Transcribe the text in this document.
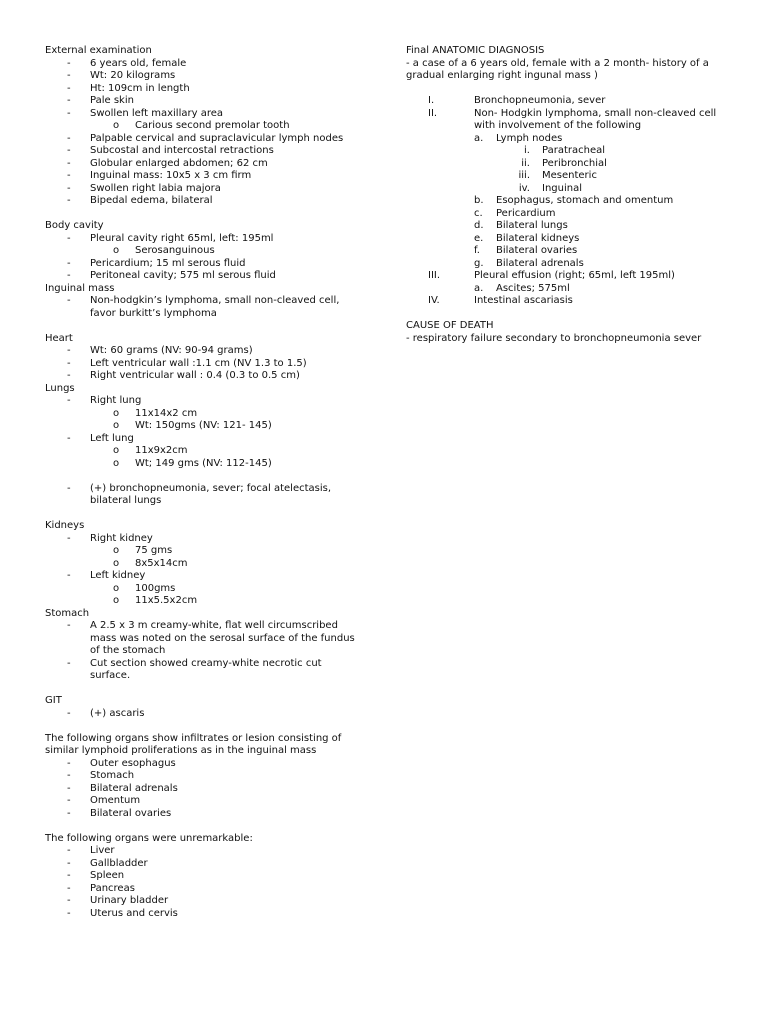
External examination
- 6 years old, female
- Wt: 20 kilograms
- Ht: 109cm in length
- Pale skin
- Swollen left maxillary area
o Carious second premolar tooth
- Palpable cervical and supraclavicular lymph nodes
- Subcostal and intercostal retractions
- Globular enlarged abdomen; 62 cm
- Inguinal mass: 10x5 x 3 cm firm
- Swollen right labia majora
- Bipedal edema, bilateral
Body cavity
- Pleural cavity right 65ml, left: 195ml
o Serosanguinous
- Pericardium; 15 ml serous fluid
- Peritoneal cavity; 575 ml serous fluid
Inguinal mass
- Non-hodgkin’s lymphoma, small non-cleaved cell,
favor burkitt’s lymphoma
Heart
- Wt: 60 grams (NV: 90-94 grams)
- Left ventricular wall :1.1 cm (NV 1.3 to 1.5)
- Right ventricular wall : 0.4 (0.3 to 0.5 cm)
Lungs
- Right lung
o 11x14x2 cm
o Wt: 150gms (NV: 121- 145)
- Left lung
o 11x9x2cm
o Wt; 149 gms (NV: 112-145)
- (+) bronchopneumonia, sever; focal atelectasis,
bilateral lungs
Kidneys
- Right kidney
o 75 gms
o 8x5x14cm
- Left kidney
o 100gms
o 11x5.5x2cm
Stomach
- A 2.5 x 3 m creamy-white, flat well circumscribed
mass was noted on the serosal surface of the fundus
of the stomach
- Cut section showed creamy-white necrotic cut
surface.
GIT
- (+) ascaris
The following organs show infiltrates or lesion consisting of
similar lymphoid proliferations as in the inguinal mass
- Outer esophagus
- Stomach
- Bilateral adrenals
- Omentum
- Bilateral ovaries
The following organs were unremarkable:
- Liver
- Gallbladder
- Spleen
- Pancreas
- Urinary bladder
- Uterus and cervis
Final ANATOMIC DIAGNOSIS
- a case of a 6 years old, female with a 2 month- history of a
gradual enlarging right ingunal mass )
I.	Bronchopneumonia, sever
II.	Non- Hodgkin lymphoma, small non-cleaved cell
with involvement of the following
a. Lymph nodes
i. Paratracheal
ii. Peribronchial
iii. Mesenteric
iv. Inguinal
b. Esophagus, stomach and omentum
c. Pericardium
d. Bilateral lungs
e. Bilateral kidneys
f. Bilateral ovaries
g. Bilateral adrenals
III.	Pleural effusion (right; 65ml, left 195ml)
a. Ascites; 575ml
IV.	Intestinal ascariasis
CAUSE OF DEATH
- respiratory failure secondary to bronchopneumonia sever
